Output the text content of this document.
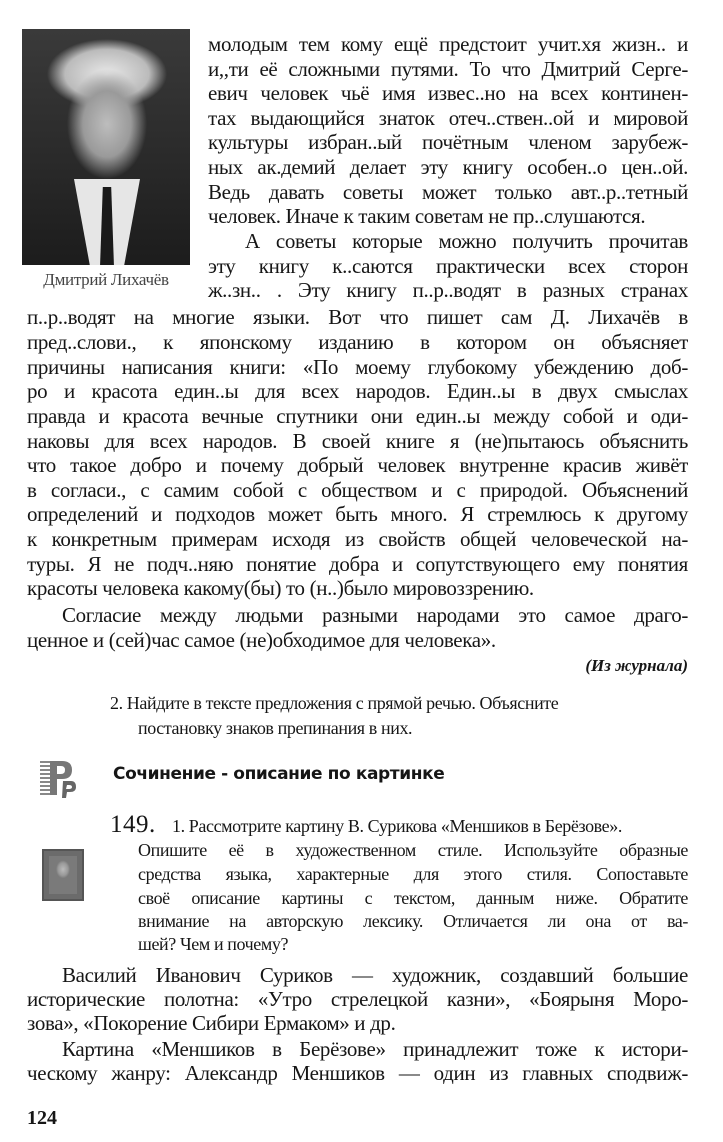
Дмитрий Лихачёв
молодым тем кому ещё предстоит учит.хя жизн.. и
и,,ти её сложными путями. То что Дмитрий Серге-
евич человек чьё имя извес..но на всех континен-
тах выдающийся знаток отеч..ствен..ой и мировой
культуры избран..ый почётным членом зарубеж-
ных ак.демий делает эту книгу особен..о цен..ой.
Ведь давать советы может только авт..р..тетный
человек. Иначе к таким советам не пр..слушаются.
А советы которые можно получить прочитав
эту книгу к..саются практически всех сторон
ж..зн.. . Эту книгу п..р..водят в разных странах
п..р..водят на многие языки. Вот что пишет сам Д. Лихачёв в
пред..слови., к японскому изданию в котором он объясняет
причины написания книги: «По моему глубокому убеждению доб-
ро и красота един..ы для всех народов. Един..ы в двух смыслах
правда и красота вечные спутники они един..ы между собой и оди-
наковы для всех народов. В своей книге я (не)пытаюсь объяснить
что такое добро и почему добрый человек внутренне красив живёт
в согласи., с самим собой с обществом и с природой. Объяснений
определений и подходов может быть много. Я стремлюсь к другому
к конкретным примерам исходя из свойств общей человеческой на-
туры. Я не подч..няю понятие добра и сопутствующего ему понятия
красоты человека какому(бы) то (н..)было мировоззрению.
Согласие между людьми разными народами это самое драго-
ценное и (сей)час самое (не)обходимое для человека».
(Из журнала)
2. Найдите в тексте предложения с прямой речью. Объясните
постановку знаков препинания в них.
Сочинение - описание по картинке
149. 1. Рассмотрите картину В. Сурикова «Меншиков в Берёзове».
Опишите её в художественном стиле. Используйте образные
средства языка, характерные для этого стиля. Сопоставьте
своё описание картины с текстом, данным ниже. Обратите
внимание на авторскую лексику. Отличается ли она от ва-
шей? Чем и почему?
Василий Иванович Суриков — художник, создавший большие
исторические полотна: «Утро стрелецкой казни», «Боярыня Моро-
зова», «Покорение Сибири Ермаком» и др.
Картина «Меншиков в Берёзове» принадлежит тоже к истори-
ческому жанру: Александр Меншиков — один из главных сподвиж-
124
